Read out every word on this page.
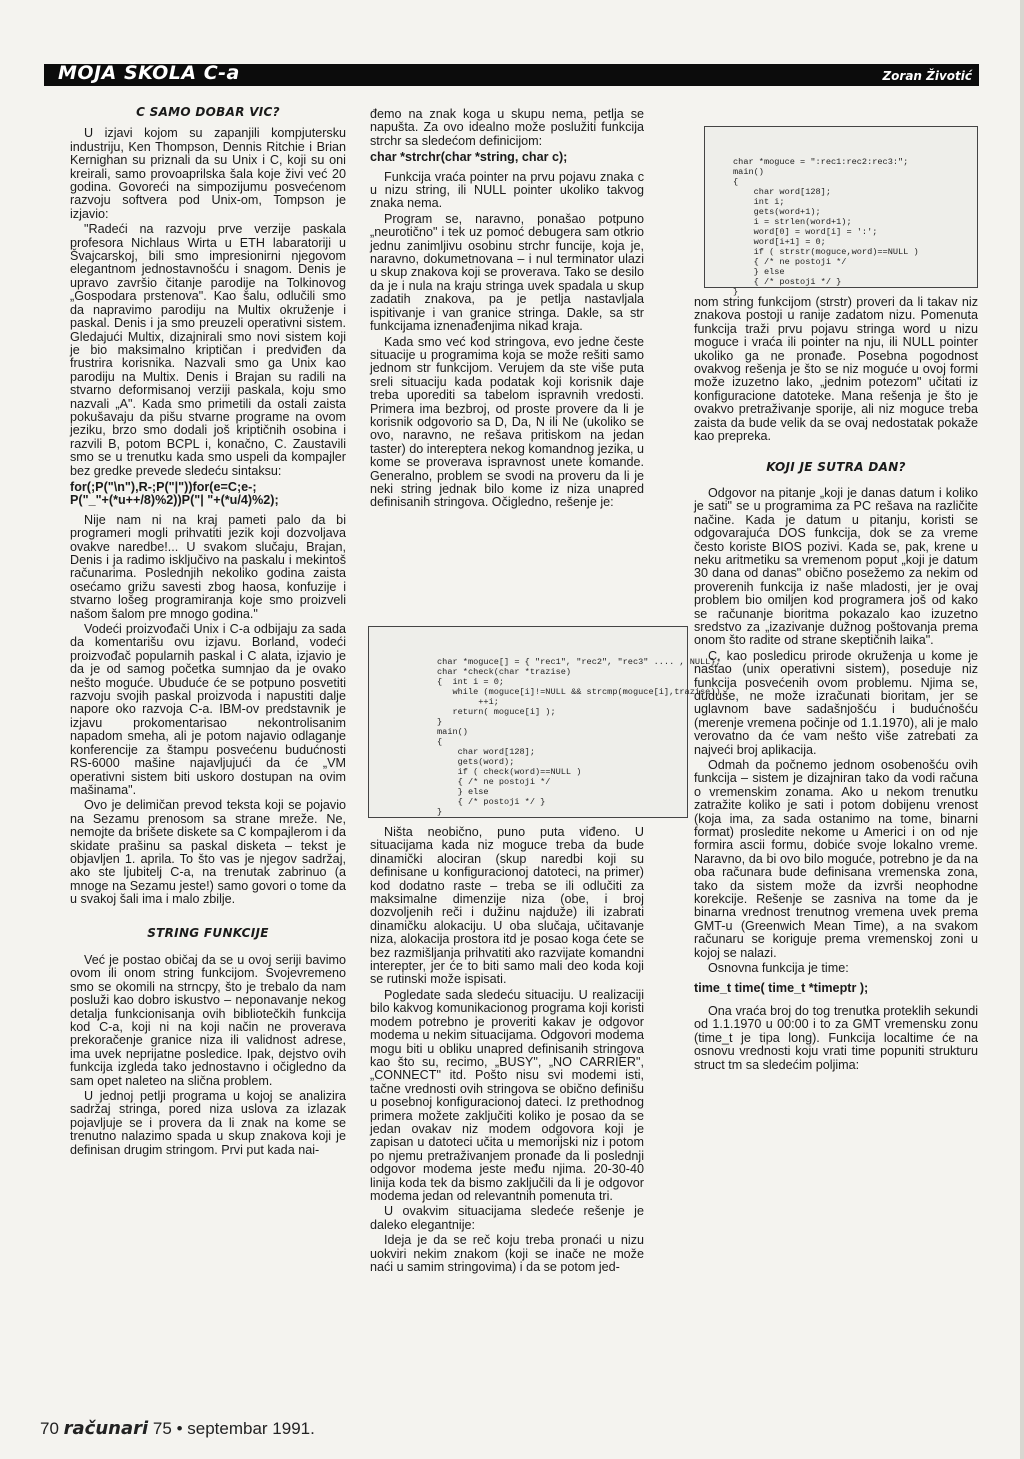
MOJA ŠKOLA C-a	Zoran Životić
C SAMO DOBAR VIC?

U izjavi kojom su zapanjili kompjutersku industriju, Ken Thompson, Dennis Ritchie i Brian Kernighan su priznali da su Unix i C, koji su oni kreirali, samo provoaprilska šala koje živi već 20 godina. Govoreći na simpozijumu posvećenom razvoju softvera pod Unix-om, Tompson je izjavio:

"Radeći na razvoju prve verzije paskala profesora Nichlaus Wirta u ETH labaratoriji u Švajcarskoj, bili smo impresionirni njegovom elegantnom jednostavnošću i snagom. Denis je upravo završio čitanje parodije na Tolkinovog „Gospodara prstenova". Kao šalu, odlučili smo da napravimo parodiju na Multix okruženje i paskal. Denis i ja smo preuzeli operativni sistem. Gledajući Multix, dizajnirali smo novi sistem koji je bio maksimalno kriptičan i predviđen da frustrira korisnika. Nazvali smo ga Unix kao parodiju na Multix. Denis i Brajan su radili na stvarno deformisanoj verziji paskala, koju smo nazvali „A". Kada smo primetili da ostali zaista pokušavaju da pišu stvarne programe na ovom jeziku, brzo smo dodali još kriptičnih osobina i razvili B, potom BCPL i, konačno, C. Zaustavili smo se u trenutku kada smo uspeli da kompajler bez gredke prevede sledeću sintaksu:

for(;P("\n"),R-;P("|"))for(e=C;e-;
P("_"+(*u++/8)%2))P("| "+(*u/4)%2);

Nije nam ni na kraj pameti palo da bi programeri mogli prihvatiti jezik koji dozvoljava ovakve naredbe!... U svakom slučaju, Brajan, Denis i ja radimo isključivo na paskalu i mekintoš računarima. Poslednjih nekoliko godina zaista osećamo grižu savesti zbog haosa, konfuzije i stvarno lošeg programiranja koje smo proizveli našom šalom pre mnogo godina."

Vodeći proizvođači Unix i C-a odbijaju za sada da komentarišu ovu izjavu. Borland, vodeći proizvođač popularnih paskal i C alata, izjavio je da je od samog početka sumnjao da je ovako nešto moguće. Ubuduće će se potpuno posvetiti razvoju svojih paskal proizvoda i napustiti dalje napore oko razvoja C-a. IBM-ov predstavnik je izjavu prokomentarisao nekontrolisanim napadom smeha, ali je potom najavio odlaganje konferencije za štampu posvećenu budućnosti RS-6000 mašine najavljujući da će „VM operativni sistem biti uskoro dostupan na ovim mašinama".

Ovo je delimičan prevod teksta koji se pojavio na Sezamu prenosom sa strane mreže. Ne, nemojte da brišete diskete sa C kompajlerom i da skidate prašinu sa paskal disketa – tekst je objavljen 1. aprila. To što vas je njegov sadržaj, ako ste ljubitelj C-a, na trenutak zabrinuo (a mnoge na Sezamu jeste!) samo govori o tome da u svakoj šali ima i malo zbilje.

STRING FUNKCIJE

Već je postao običaj da se u ovoj seriji bavimo ovom ili onom string funkcijom. Svojevremeno smo se okomili na strncpy, što je trebalo da nam posluži kao dobro iskustvo – neponavanje nekog detalja funkcionisanja ovih bibliotečkih funkcija kod C-a, koji ni na koji način ne proverava prekoračenje granice niza ili validnost adrese, ima uvek neprijatne posledice. Ipak, dejstvo ovih funkcija izgleda tako jednostavno i očigledno da sam opet naleteo na slična problem.

U jednoj petlji programa u kojoj se analizira sadržaj stringa, pored niza uslova za izlazak pojavljuje se i provera da li znak na kome se trenutno nalazimo spada u skup znakova koji je definisan drugim stringom. Prvi put kada nai-

đemo na znak koga u skupu nema, petlja se napušta. Za ovo idealno može poslužiti funkcija strchr sa sledećom definicijom:

char *strchr(char *string, char c);

Funkcija vraća pointer na prvu pojavu znaka c u nizu string, ili NULL pointer ukoliko takvog znaka nema.

Program se, naravno, ponašao potpuno „neurotično" i tek uz pomoć debugera sam otkrio jednu zanimljivu osobinu strchr funcije, koja je, naravno, dokumetnovana – i nul terminator ulazi u skup znakova koji se proverava. Tako se desilo da je i nula na kraju stringa uvek spadala u skup zadatih znakova, pa je petlja nastavljala ispitivanje i van granice stringa. Dakle, sa str funkcijama iznenađenjima nikad kraja.

Kada smo već kod stringova, evo jedne česte situacije u programima koja se može rešiti samo jednom str funkcijom. Verujem da ste više puta sreli situaciju kada podatak koji korisnik daje treba uporediti sa tabelom ispravnih vredosti. Primera ima bezbroj, od proste provere da li je korisnik odgovorio sa D, Da, N ili Ne (ukoliko se ovo, naravno, ne rešava pritiskom na jedan taster) do intereptera nekog komandnog jezika, u kome se proverava ispravnost unete komande. Generalno, problem se svodi na proveru da li je neki string jednak bilo kome iz niza unapred definisanih stringova. Očigledno, rešenje je:

char *moguce = ":rec1:rec2:rec3:";
main()
{
char word[128];
int i;
gets(word+1);
i = strlen(word+1);
word[0] = word[i] = ':';
word[i+1] = 0;
if ( strstr(moguce,word)==NULL )
{ /* ne postoji */
} else
{ /* postoji */ }
}

char *moguce[] = { "rec1", "rec2", "rec3" .... , NULL};
char *check(char *trazise)
{  int i = 0;
while (moguce[i]!=NULL && strcmp(moguce[i],trazise))
++i;
return( moguce[i] );
}
main()
{
char word[128];
gets(word);
if ( check(word)==NULL )
{ /* ne postoji */
} else
{ /* postoji */ }
}

Ništa neobično, puno puta viđeno. U situacijama kada niz moguce treba da bude dinamički alociran (skup naredbi koji su definisane u konfiguracionoj datoteci, na primer) kod dodatno raste – treba se ili odlučiti za maksimalne dimenzije niza (obe, i broj dozvoljenih reči i dužinu najduže) ili izabrati dinamičku alokaciju. U oba slučaja, učitavanje niza, alokacija prostora itd je posao koga ćete se bez razmišljanja prihvatiti ako razvijate komandni interepter, jer će to biti samo mali deo koda koji se rutinski može ispisati.

Pogledate sada sledeću situaciju. U realizaciji bilo kakvog komunikacionog programa koji koristi modem potrebno je proveriti kakav je odgovor modema u nekim situacijama. Odgovori modema mogu biti u obliku unapred definisanih stringova kao što su, recimo, „BUSY", „NO CARRIER", „CONNECT" itd. Pošto nisu svi modemi isti, tačne vrednosti ovih stringova se obično definišu u posebnoj konfiguracionoj dateci. Iz prethodnog primera možete zaključiti koliko je posao da se jedan ovakav niz modem odgovora koji je zapisan u datoteci učita u memorijski niz i potom po njemu pretraživanjem pronađe da li poslednji odgovor modema jeste među njima. 20-30-40 linija koda tek da bismo zaključili da li je odgovor modema jedan od relevantnih pomenuta tri.

U ovakvim situacijama sledeće rešenje je daleko elegantnije:

Ideja je da se reč koju treba pronaći u nizu uokviri nekim znakom (koji se inače ne može naći u samim stringovima) i da se potom jed-

nom string funkcijom (strstr) proveri da li takav niz znakova postoji u ranije zadatom nizu. Pomenuta funkcija traži prvu pojavu stringa word u nizu moguce i vraća ili pointer na nju, ili NULL pointer ukoliko ga ne pronađe. Posebna pogodnost ovakvog rešenja je što se niz moguće u ovoj formi može izuzetno lako, „jednim potezom" učitati iz konfiguracione datoteke. Mana rešenja je što je ovakvo pretraživanje sporije, ali niz moguce treba zaista da bude velik da se ovaj nedostatak pokaže kao prepreka.

KOJI JE SUTRA DAN?

Odgovor na pitanje „koji je danas datum i koliko je sati" se u programima za PC rešava na različite načine. Kada je datum u pitanju, koristi se odgovarajuća DOS funkcija, dok se za vreme često koriste BIOS pozivi. Kada se, pak, krene u neku aritmetiku sa vremenom poput „koji je datum 30 dana od danas" obično posežemo za nekim od proverenih funkcija iz naše mladosti, jer je ovaj problem bio omiljen kod programera još od kako se računanje bioritma pokazalo kao izuzetno sredstvo za „izazivanje dužnog poštovanja prema onom što radite od strane skeptičnih laika".

C, kao posledicu prirode okruženja u kome je nastao (unix operativni sistem), poseduje niz funkcija posvećenih ovom problemu. Njima se, duduše, ne može izračunati bioritam, jer se uglavnom bave sadašnjošću i budućnošću (merenje vremena počinje od 1.1.1970), ali je malo verovatno da će vam nešto više zatrebati za najveći broj aplikacija.

Odmah da počnemo jednom osobenošću ovih funkcija – sistem je dizajniran tako da vodi računa o vremenskim zonama. Ako u nekom trenutku zatražite koliko je sati i potom dobijenu vrenost (koja ima, za sada ostanimo na tome, binarni format) prosledite nekome u Americi i on od nje formira ascii formu, dobiće svoje lokalno vreme. Naravno, da bi ovo bilo moguće, potrebno je da na oba računara bude definisana vremenska zona, tako da sistem može da izvrši neophodne korekcije. Rešenje se zasniva na tome da je binarna vrednost trenutnog vremena uvek prema GMT-u (Greenwich Mean Time), a na svakom računaru se koriguje prema vremenskoj zoni u kojoj se nalazi.

Osnovna funkcija je time:

time_t time( time_t *timeptr );

Ona vraća broj do tog trenutka proteklih sekundi od 1.1.1970 u 00:00 i to za GMT vremensku zonu (time_t je tipa long). Funkcija localtime će na osnovu vrednosti koju vrati time popuniti strukturu struct tm sa sledećim poljima:

70 računari 75 • septembar 1991.
